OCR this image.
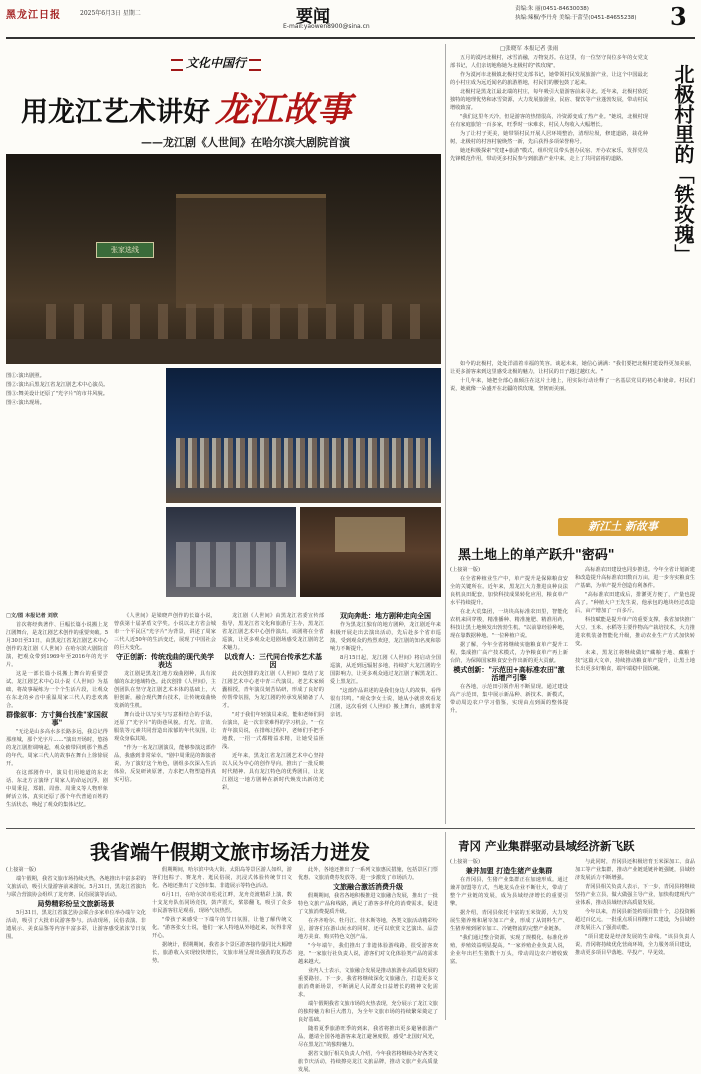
黑龙江日报	2025年6月3日 星期二	要闻
E-mail:yaowen8900@sina.cn
责编:朱 丽(0451-84630038)
执编:辣椒/李丹舟 美编:于蕾莹(0451-84655238) 3
文化中国行
用龙江艺术讲好 龙江故事
——龙江剧《人世间》在哈尔滨大剧院首演
张家选线
图①:演出剧照。
图②:演出后黑龙江省龙江剧艺术中心演员。
图③:舞美设计还原了"光字片"的市井风貌。
图④:演出现场。

□文/图 本报记者 刘欣

首次将经典著作、巨幅长篇小说搬上龙江剧舞台，是龙江剧艺术创作的重要突破。5月30日至31日，由黑龙江省龙江剧艺术中心创作的龙江剧《人世间》在哈尔滨大剧院首演，把观众带到1969年至2016年的光字片。

这是一部长篇小说搬上舞台的重要尝试。龙江剧艺术中心以小说《人世间》为基础，将故事凝练为一个个生活片段，让观众在东北的乡音中重温周家三代人的悲欢离合。

群像叙事：方寸舞台找准"家国叙事"

"无论是山多高水多长路多远，我总记得那座城，那个光字片……"演出开场时，悠扬的龙江剧腔调响起，观众被带回到那个熟悉的年代。周家三代人的故事在舞台上徐徐展开。

在这部剧作中，演员们用地道的东北话、东北方言演绎了周家人的命运沉浮。剧中周秉昆、郑娟、周蓉、周秉义等人物形象鲜活立体，真实还原了那个年代普通百姓的生活状态，唤起了观众的集体记忆。

《人世间》是梁晓声创作的长篇小说，曾获第十届茅盾文学奖。小说以北方省会城市一个平民区"光字片"为背景，讲述了周家三代人近50年的生活变迁，展现了中国社会的巨大变化。

守正创新：传统戏曲的现代美学表达

龙江剧是黑龙江地方戏曲剧种，具有浓郁的东北地域特色。此次创排《人世间》，主创团队在坚守龙江剧艺术本体的基础上，大胆创新，融合现代舞台技术，让传统戏曲焕发新的生机。

舞台设计以写实与写意相结合的手法，还原了"光字片"的街巷风貌。灯光、音效、服装等元素共同营造出浓郁的年代氛围，让观众身临其境。

"作为一名龙江剧演员，能够参演这部作品，我感到非常荣幸。"剧中周秉昆的饰演者说，为了演好这个角色，剧组多次深入生活体验，反复研读原著，力求把人物塑造得真实可信。

龙江剧《人世间》由黑龙江省委宣传部指导，黑龙江省文化和旅游厅主办，黑龙江省龙江剧艺术中心创作演出。该剧将在全省巡演，让更多观众走进剧场感受龙江剧的艺术魅力。

以戏育人：三代同台传承艺术基因

此次创排的龙江剧《人世间》集结了龙江剧艺术中心老中青三代演员。老艺术家倾囊相授，青年演员刻苦钻研，形成了良好的传帮带氛围，为龙江剧的传承发展储备了人才。

"对于我们年轻演员来说，能和老师们同台演出，是一次非常难得的学习机会。"一位青年演员说，在排练过程中，老师们手把手地教，一招一式都精益求精，让她受益匪浅。

近年来，黑龙江省龙江剧艺术中心坚持以人民为中心的创作导向，推出了一批反映时代精神、具有龙江特色的优秀剧目，让龙江剧这一地方剧种在新时代焕发出新的光彩。

双向奔赴：地方剧种走向全国

作为黑龙江独有的地方剧种，龙江剧近年来积极开展走出去演出活动，先后赴多个省市巡演，受到观众的热烈欢迎，龙江剧的知名度和影响力不断提升。

8月15日起，龙江剧《人世间》将启动全国巡演，从近到远辐射多地，持续扩大龙江剧的全国影响力，让更多观众通过龙江剧了解黑龙江、爱上黑龙江。

"这部作品讲述的是我们身边人的故事，看得很有共鸣。"观众李女士说，她从小就喜欢看龙江剧，这次看到《人世间》搬上舞台，感到非常亲切。

□张晓军 本报记者 张雨

五月的漠河北极村，冰雪消融，万物复苏。在这里，有一位坚守岗位多年的女党支部书记，人们亲切地称她为北极村的"铁玫瑰"。

作为漠河市北极镇北极村党支部书记，她带领村民发展旅游产业，让这个中国最北的小村庄成为远近闻名的旅游胜地，村民们的腰包鼓了起来。

北极村是黑龙江最北端的村庄，每年吸引大量游客前来寻北。近年来，北极村依托独特的地理优势和冰雪资源，大力发展旅游业，民宿、餐饮等产业蓬勃发展，带动村民增收致富。

"我们这里冬天冷，但是游客的热情很高，冷资源变成了热产业。"她说，北极村现在有家庭旅馆一百多家，旺季时一床难求，村民人均收入大幅增长。

为了让村子更美，她带领村民开展人居环境整治，清理垃圾，修建道路，栽花种树，北极村的村容村貌焕然一新，先后获得多项荣誉称号。

她还积极探索"党建+旅游"模式，组织党员带头创办民宿、开办农家乐，发挥党员先锋模范作用，带动更多村民参与到旅游产业中来，走上了共同富裕的道路。	北极村里的「铁玫瑰」

如今的北极村，处处洋溢着幸福的笑容。谈起未来，她信心满满："我们要把北极村建设得更加美丽，让更多游客来到这里感受北极的魅力，让村民的日子越过越红火。"

十几年来，她把全部心血倾注在这片土地上，用实际行动诠释了一名基层党员的初心和使命。村民们说，她就像一朵盛开在北疆的铁玫瑰，坚韧而美丽。

新江土 新故事
黑土地上的单产跃升"密码"

(上接第一版)

在全省种植业生产中，单产提升是保障粮食安全的关键所在。近年来，黑龙江大力推进良种良法良机良田配套，加快科技成果转化应用，粮食单产水平持续提升。

在北大荒集团，一块块高标准农田里，智能化农机来回穿梭，精准播种、精准施肥、精准用药，科技让黑土地焕发出勃勃生机。"以前靠经验种地，现在靠数据种地。"一位种植户说。

据了解，今年全省将继续实施粮食单产提升工程，集成推广高产技术模式，力争粮食单产再上新台阶，为保障国家粮食安全作出新的更大贡献。

模式创新："示范田+高标准农田"激活增产引擎

在各地，示范田引领作用不断显现。通过建设高产示范田，集中展示新品种、新技术、新模式，带动周边农户学习借鉴，实现由点到面的整体提升。

高标准农田建设也同步推进。今年全省计划新建和改造提升高标准农田数百万亩，进一步夯实粮食生产基础，为单产提升创造有利条件。

"高标准农田建成后，排灌更方便了，产量也提高了。"种植大户王先生说，他承包的地块经过改造后，亩产增加了一百多斤。

科技赋能是提升单产的重要支撑。我省加快推广大豆、玉米、水稻等主要作物高产栽培技术，大力推进农机装备智能化升级，推动农业生产方式加快转变。

未来，黑龙江将继续做好"藏粮于地、藏粮于技"这篇大文章，持续推动粮食单产提升，让黑土地长出更多好粮食，端牢端稳中国饭碗。

我省端午假期文旅市场活力迸发

(上接第一版)

端午假期，我省文旅市场持续火热，各地推出丰富多彩的文旅活动，吸引大量游客前来游玩。5月31日，黑龙江省演出与联合营演协会组织了龙舟赛、民俗展演等活动。

局势精彩纷呈文旅新场景

5月31日，黑龙江省演艺协会联合多家单位举办端午文化活动，吸引了大批市民游客参与。活动现场，民俗表演、非遗展示、美食品鉴等内容丰富多彩，让游客感受浓浓节日氛围。

假期期间，哈尔滨中央大街、太阳岛等景区游人如织，游客们包粽子、赛龙舟、逛民俗展，沉浸式体验传统节日文化。各地还推出了文创市集、非遗展示等特色活动。

6月1日，在哈尔滨市松花江畔，龙舟竞渡精彩上演，数十支龙舟队伍同场竞技，鼓声震天，桨影翻飞，吸引了众多市民游客驻足观看，现场气氛热烈。

"带孩子来感受一下端午的节日氛围，让他了解传统文化。"游客张女士说，他们一家人特地从外地赶来，玩得非常开心。

据统计，假期期间，我省多个景区游客接待量同比大幅增长，旅游收入实现较快增长，文旅市场呈现出强劲的复苏态势。

此外，各地还推出了一系列文旅惠民措施，包括景区门票优惠、文旅消费券发放等，进一步激发了市场活力。

文旅融合激活消费升级

假期期间，我省各地积极推进文旅融合发展，推出了一批特色文旅产品和线路，满足了游客多样化的消费需求，促进了文旅消费提质升级。

在齐齐哈尔、牡丹江、佳木斯等地，各类文旅活动精彩纷呈，游客们在游山玩水的同时，还可以欣赏文艺演出、品尝地方美食、购买特色文创产品。

"今年端午，我们推出了非遗体验游线路，很受游客欢迎。"一家旅行社负责人说，游客们对文化体验类产品的需求越来越大。

业内人士表示，文旅融合发展是推动旅游业高质量发展的重要路径。下一步，我省将继续深化文旅融合，打造更多文旅消费新场景，不断满足人民群众日益增长的精神文化需求。

端午假期我省文旅市场的火热表现，充分展示了龙江文旅的独特魅力和巨大潜力，为全年文旅市场的持续繁荣奠定了良好基础。

随着夏季旅游旺季的到来，我省将推出更多避暑旅游产品，邀请全国各地游客来龙江避暑度假，感受"北国好风光，尽在黑龙江"的独特魅力。

据省文旅厅相关负责人介绍，今年我省将继续办好各类文旅节庆活动，持续擦亮龙江文旅品牌，推动文旅产业高质量发展。

青冈 产业集群驱动县域经济新飞跃

(上接第一版)

兼并加盟 打造生猪产业集群

在青冈县，生猪产业集群正在加速形成。通过兼并加盟等方式，当地龙头企业不断壮大，带动了整个产业链的发展，成为县域经济增长的重要引擎。

据介绍，青冈县依托丰富的玉米资源，大力发展生猪养殖和屠宰加工产业，形成了从饲料生产、生猪养殖到屠宰加工、冷链物流的完整产业链条。

"我们通过整合资源，实现了规模化、标准化养殖，养殖效益明显提高。"一家养殖企业负责人说，企业年出栏生猪数十万头，带动周边农户增收致富。

与此同时，青冈县还积极培育玉米深加工、食品加工等产业集群，推动产业链延链补链强链，县域经济发展活力不断增强。

青冈县相关负责人表示，下一步，青冈县将继续坚持产业立县，做大做强主导产业，加快构建现代产业体系，推动县域经济高质量发展。

今年以来，青冈县新签约项目数十个，总投资额超过百亿元，一批重点项目相继开工建设，为县域经济发展注入了强劲动能。

"项目建设是经济发展的生命线。"该县负责人说，青冈将持续优化营商环境，全力服务项目建设，推动更多项目早落地、早投产、早见效。
